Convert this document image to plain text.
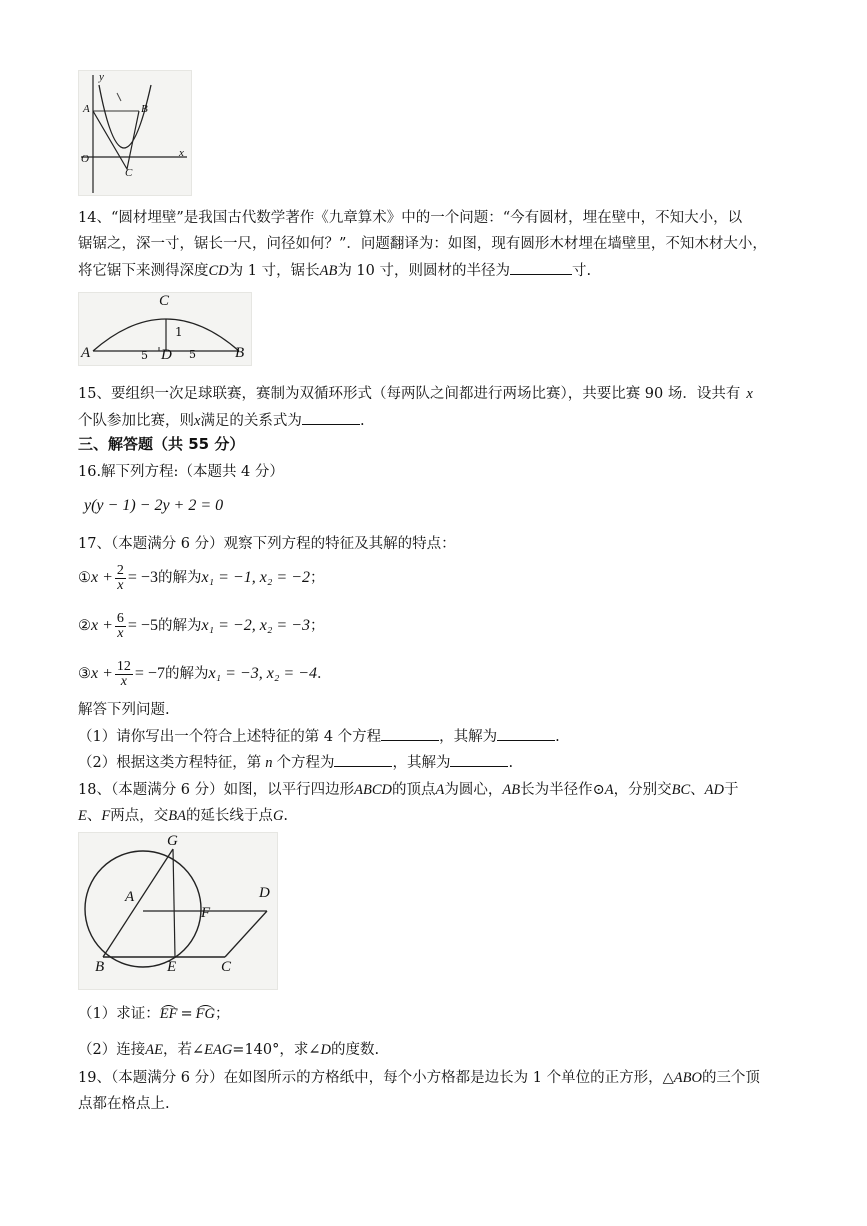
y
A	B
O
C
x
14、“圆材埋壁”是我国古代数学著作《九章算术》中的一个问题：“今有圆材，埋在壁中，不知大小，以
锯锯之，深一寸，锯长一尺，问径如何？”．问题翻译为：如图，现有圆形木材埋在墙壁里，不知木材大小，
将它锯下来测得深度CD为 1 寸，锯长AB为 10 寸，则圆材的半径为	寸.
C
A	D	B
1
5	5
15、要组织一次足球联赛，赛制为双循环形式（每两队之间都进行两场比赛），共要比赛 90 场．设共有 x
个队参加比赛，则x满足的关系式为	.
三、解答题（共 55 分）
16.解下列方程:（本题共 4 分）
y(y − 1) − 2y + 2 = 0
17、（本题满分 6 分）观察下列方程的特征及其解的特点：
① $x + \frac{2}{x} = -3$ 的解为 x₁ = −1, x₂ = −2 ；
② $x + \frac{6}{x} = -5$ 的解为 x₁ = −2, x₂ = −3 ；
③ $x + \frac{12}{x} = -7$ 的解为 x₁ = −3, x₂ = −4 ．
解答下列问题.
（1）请你写出一个符合上述特征的第 4 个方程	，其解为	.
（2）根据这类方程特征，第 n 个方程为	，其解为	.
18、（本题满分 6 分）如图，以平行四边形ABCD的顶点A为圆心，AB长为半径作⊙A，分别交BC、AD于
E、F两点，交BA的延长线于点G.
G
A	D
F
B	E	C
（1）求证：EF = FG；
（2）连接AE，若∠EAG=140°，求∠D的度数.
19、（本题满分 6 分）在如图所示的方格纸中，每个小方格都是边长为 1 个单位的正方形，△ABO的三个顶
点都在格点上.
